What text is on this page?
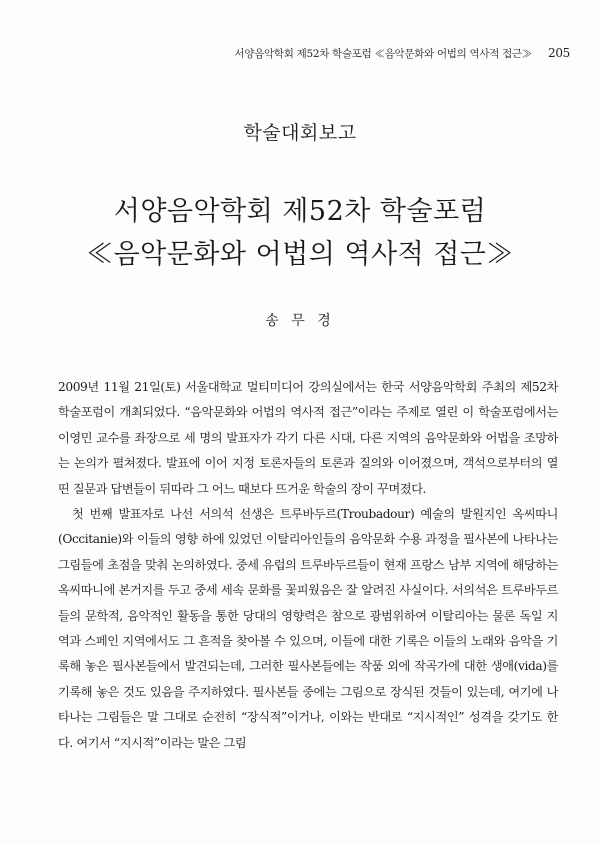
서양음악학회 제52차 학술포럼 ≪음악문화와 어법의 역사적 접근≫ 205
학술대회보고
서양음악학회 제52차 학술포럼
≪음악문화와 어법의 역사적 접근≫
송 무 경

2009년 11월 21일(토) 서울대학교 멀티미디어 강의실에서는 한국 서양음악학회 주최의 제52차 학술포럼이 개최되었다. “음악문화와 어법의 역사적 접근”이라는 주제로 열린 이 학술포럼에서는 이영민 교수를 좌장으로 세 명의 발표자가 각기 다른 시대, 다른 지역의 음악문화와 어법을 조망하는 논의가 펼쳐졌다. 발표에 이어 지정 토론자들의 토론과 질의와 이어졌으며, 객석으로부터의 열띤 질문과 답변들이 뒤따라 그 어느 때보다 뜨거운 학술의 장이 꾸며졌다.

첫 번째 발표자로 나선 서의석 선생은 트루바두르(Troubadour) 예술의 발원지인 옥씨따니(Occitanie)와 이들의 영향 하에 있었던 이탈리아인들의 음악문화 수용 과정을 필사본에 나타나는 그림들에 초점을 맞춰 논의하였다. 중세 유럽의 트루바두르들이 현재 프랑스 남부 지역에 해당하는 옥씨따니에 본거지를 두고 중세 세속 문화를 꽃피웠음은 잘 알려진 사실이다. 서의석은 트루바두르들의 문학적, 음악적인 활동을 통한 당대의 영향력은 참으로 광범위하여 이탈리아는 물론 독일 지역과 스페인 지역에서도 그 흔적을 찾아볼 수 있으며, 이들에 대한 기록은 이들의 노래와 음악을 기록해 놓은 필사본들에서 발견되는데, 그러한 필사본들에는 작품 외에 작곡가에 대한 생애(vida)를 기록해 놓은 것도 있음을 주지하였다. 필사본들 중에는 그림으로 장식된 것들이 있는데, 여기에 나타나는 그림들은 말 그대로 순전히 “장식적”이거나, 이와는 반대로 “지시적인” 성격을 갖기도 한다. 여기서 “지시적”이라는 말은 그림
